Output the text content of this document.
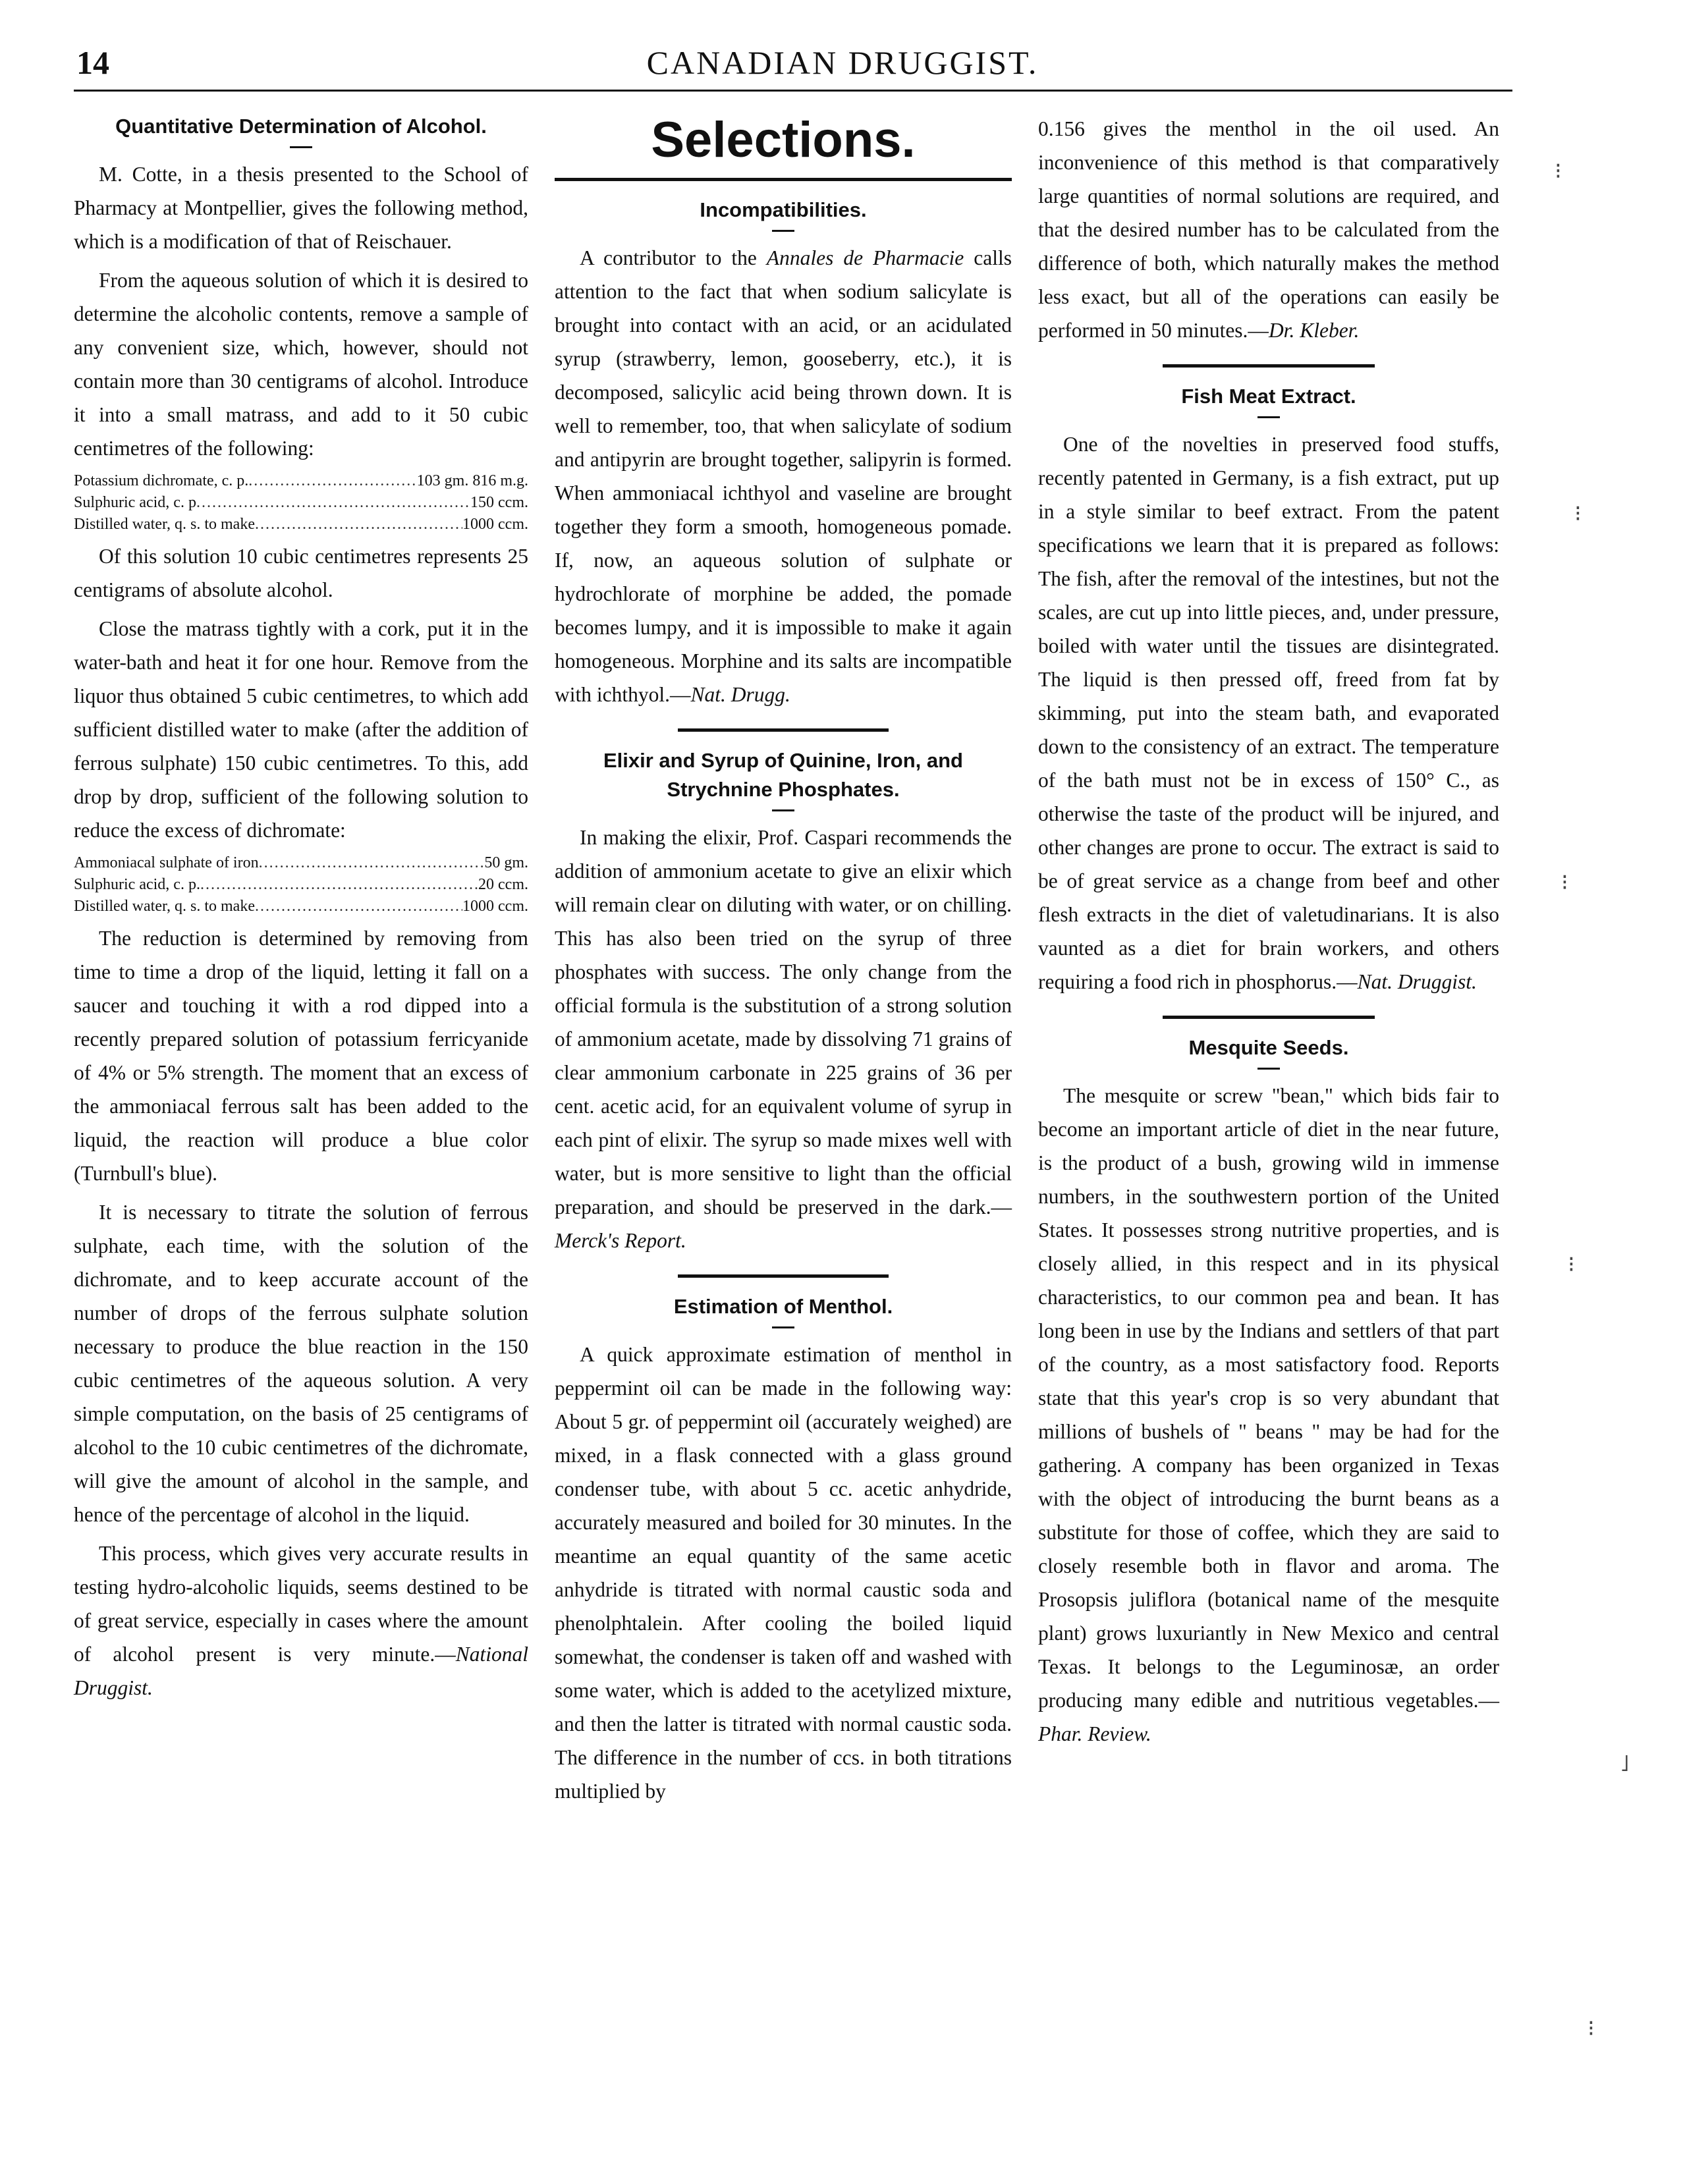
14	CANADIAN DRUGGIST.
Quantitative Determination of Alcohol.

M. Cotte, in a thesis presented to the School of Pharmacy at Montpellier, gives the following method, which is a modification of that of Reischauer.

From the aqueous solution of which it is desired to determine the alcoholic contents, remove a sample of any convenient size, which, however, should not contain more than 30 centigrams of alcohol. Introduce it into a small matrass, and add to it 50 cubic centimetres of the following:

Potassium dichromate, c. p. .....	103 gm. 816 m.g.
Sulphuric acid, c. p .....	150 ccm.
Distilled water, q. s. to make .....	1000 ccm.

Of this solution 10 cubic centimetres represents 25 centigrams of absolute alcohol.

Close the matrass tightly with a cork, put it in the water-bath and heat it for one hour. Remove from the liquor thus obtained 5 cubic centimetres, to which add sufficient distilled water to make (after the addition of ferrous sulphate) 150 cubic centimetres. To this, add drop by drop, sufficient of the following solution to reduce the excess of dichromate:

Ammoniacal sulphate of iron .....	50 gm.
Sulphuric acid, c. p. .....	20 ccm.
Distilled water, q. s. to make .....	1000 ccm.

The reduction is determined by removing from time to time a drop of the liquid, letting it fall on a saucer and touching it with a rod dipped into a recently prepared solution of potassium ferricyanide of 4% or 5% strength. The moment that an excess of the ammoniacal ferrous salt has been added to the liquid, the reaction will produce a blue color (Turnbull's blue).

It is necessary to titrate the solution of ferrous sulphate, each time, with the solution of the dichromate, and to keep accurate account of the number of drops of the ferrous sulphate solution necessary to produce the blue reaction in the 150 cubic centimetres of the aqueous solution. A very simple computation, on the basis of 25 centigrams of alcohol to the 10 cubic centimetres of the dichromate, will give the amount of alcohol in the sample, and hence of the percentage of alcohol in the liquid.

This process, which gives very accurate results in testing hydro-alcoholic liquids, seems destined to be of great service, especially in cases where the amount of alcohol present is very minute.—National Druggist.

Selections.
Incompatibilities.

A contributor to the Annales de Pharmacie calls attention to the fact that when sodium salicylate is brought into contact with an acid, or an acidulated syrup (strawberry, lemon, gooseberry, etc.), it is decomposed, salicylic acid being thrown down. It is well to remember, too, that when salicylate of sodium and antipyrin are brought together, salipyrin is formed. When ammoniacal ichthyol and vaseline are brought together they form a smooth, homogeneous pomade. If, now, an aqueous solution of sulphate or hydrochlorate of morphine be added, the pomade becomes lumpy, and it is impossible to make it again homogeneous. Morphine and its salts are incompatible with ichthyol.—Nat. Drugg.

Elixir and Syrup of Quinine, Iron, and Strychnine Phosphates.

In making the elixir, Prof. Caspari recommends the addition of ammonium acetate to give an elixir which will remain clear on diluting with water, or on chilling. This has also been tried on the syrup of three phosphates with success. The only change from the official formula is the substitution of a strong solution of ammonium acetate, made by dissolving 71 grains of clear ammonium carbonate in 225 grains of 36 per cent. acetic acid, for an equivalent volume of syrup in each pint of elixir. The syrup so made mixes well with water, but is more sensitive to light than the official preparation, and should be preserved in the dark.—Merck's Report.

Estimation of Menthol.

A quick approximate estimation of menthol in peppermint oil can be made in the following way: About 5 gr. of peppermint oil (accurately weighed) are mixed, in a flask connected with a glass ground condenser tube, with about 5 cc. acetic anhydride, accurately measured and boiled for 30 minutes. In the meantime an equal quantity of the same acetic anhydride is titrated with normal caustic soda and phenolphtalein. After cooling the boiled liquid somewhat, the condenser is taken off and washed with some water, which is added to the acetylized mixture, and then the latter is titrated with normal caustic soda. The difference in the number of ccs. in both titrations multiplied by

0.156 gives the menthol in the oil used. An inconvenience of this method is that comparatively large quantities of normal solutions are required, and that the desired number has to be calculated from the difference of both, which naturally makes the method less exact, but all of the operations can easily be performed in 50 minutes.—Dr. Kleber.

Fish Meat Extract.

One of the novelties in preserved food stuffs, recently patented in Germany, is a fish extract, put up in a style similar to beef extract. From the patent specifications we learn that it is prepared as follows: The fish, after the removal of the intestines, but not the scales, are cut up into little pieces, and, under pressure, boiled with water until the tissues are disintegrated. The liquid is then pressed off, freed from fat by skimming, put into the steam bath, and evaporated down to the consistency of an extract. The temperature of the bath must not be in excess of 150° C., as otherwise the taste of the product will be injured, and other changes are prone to occur. The extract is said to be of great service as a change from beef and other flesh extracts in the diet of valetudinarians. It is also vaunted as a diet for brain workers, and others requiring a food rich in phosphorus.—Nat. Druggist.

Mesquite Seeds.

The mesquite or screw "bean," which bids fair to become an important article of diet in the near future, is the product of a bush, growing wild in immense numbers, in the southwestern portion of the United States. It possesses strong nutritive properties, and is closely allied, in this respect and in its physical characteristics, to our common pea and bean. It has long been in use by the Indians and settlers of that part of the country, as a most satisfactory food. Reports state that this year's crop is so very abundant that millions of bushels of " beans " may be had for the gathering. A company has been organized in Texas with the object of introducing the burnt beans as a substitute for those of coffee, which they are said to closely resemble both in flavor and aroma. The Prosopsis juliflora (botanical name of the mesquite plant) grows luxuriantly in New Mexico and central Texas. It belongs to the Leguminosæ, an order producing many edible and nutritious vegetables.—Phar. Review.

⁝
⁝
⁝
⁝
˩
⁝
